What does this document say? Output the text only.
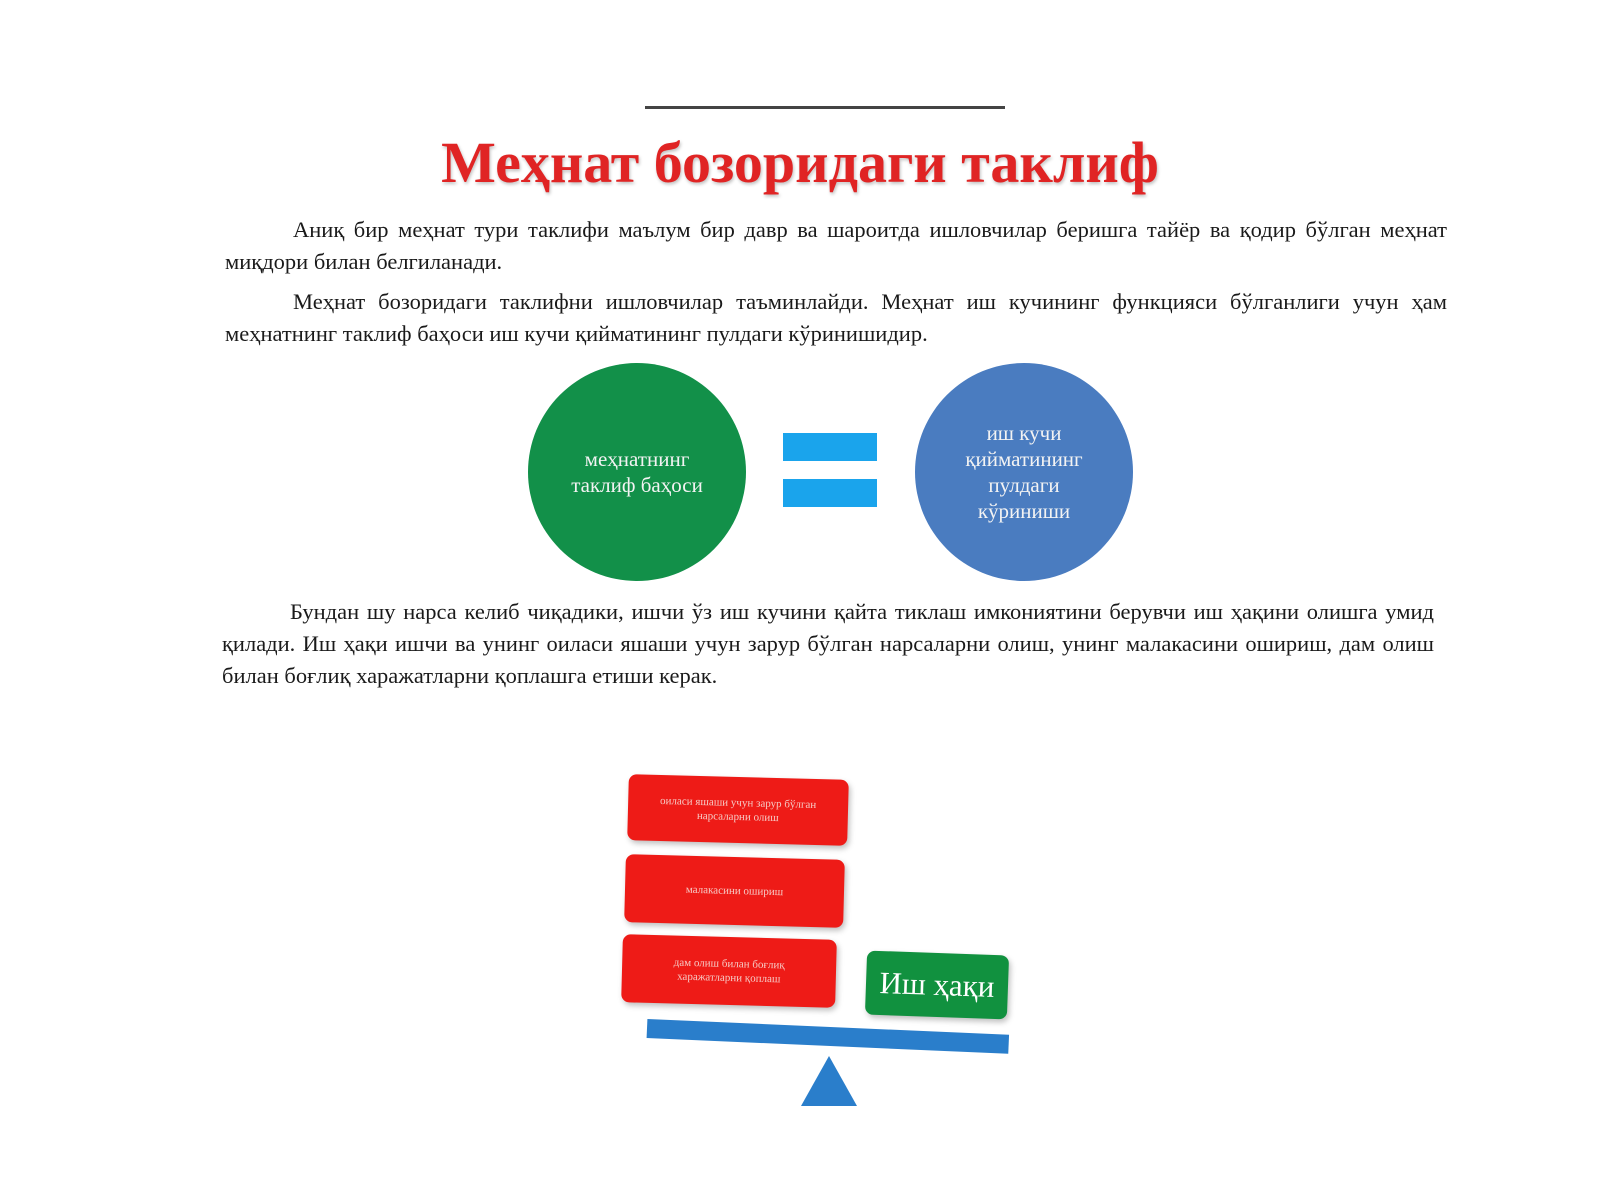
Меҳнат бозоридаги таклиф

Аниқ бир меҳнат тури таклифи маълум бир давр ва шароитда ишловчилар беришга тайёр ва қодир бўлган меҳнат миқдори билан белгиланади.

Меҳнат бозоридаги таклифни ишловчилар таъминлайди. Меҳнат иш кучининг функцияси бўлганлиги учун ҳам меҳнатнинг таклиф баҳоси иш кучи қийматининг пулдаги кўринишидир.

меҳнатнинг таклиф баҳоси
иш кучи қийматининг пулдаги кўриниши

Бундан шу нарса келиб чиқадики, ишчи ўз иш кучини қайта тиклаш имкониятини берувчи иш ҳақини олишга умид қилади. Иш ҳақи ишчи ва унинг оиласи яшаши учун зарур бўлган нарсаларни олиш, унинг малакасини ошириш, дам олиш билан боғлиқ харажатларни қоплашга етиши керак.

оиласи яшаши учун зарур бўлган нарсаларни олиш
малакасини ошириш
дам олиш билан боғлиқ харажатларни қоплаш	Иш ҳақи
